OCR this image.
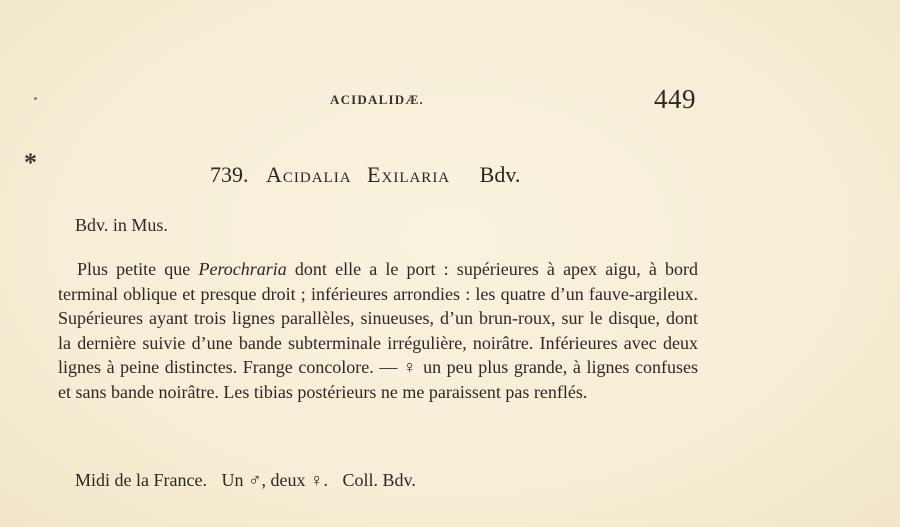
ACIDALIDÆ.	449
*	739. Acidalia Exilaria Bdv.
Bdv. in Mus.

Plus petite que Perochraria dont elle a le port : supérieures à apex aigu, à bord terminal oblique et presque droit ; inférieures arrondies : les quatre d’un fauve-argileux. Supérieures ayant trois lignes parallèles, sinueuses, d’un brun-roux, sur le disque, dont la dernière suivie d’une bande subterminale irrégulière, noirâtre. Inférieures avec deux lignes à peine distinctes. Frange concolore. — ♀ un peu plus grande, à lignes confuses et sans bande noirâtre. Les tibias postérieurs ne me paraissent pas renflés.

Midi de la France. Un ♂, deux ♀. Coll. Bdv.
